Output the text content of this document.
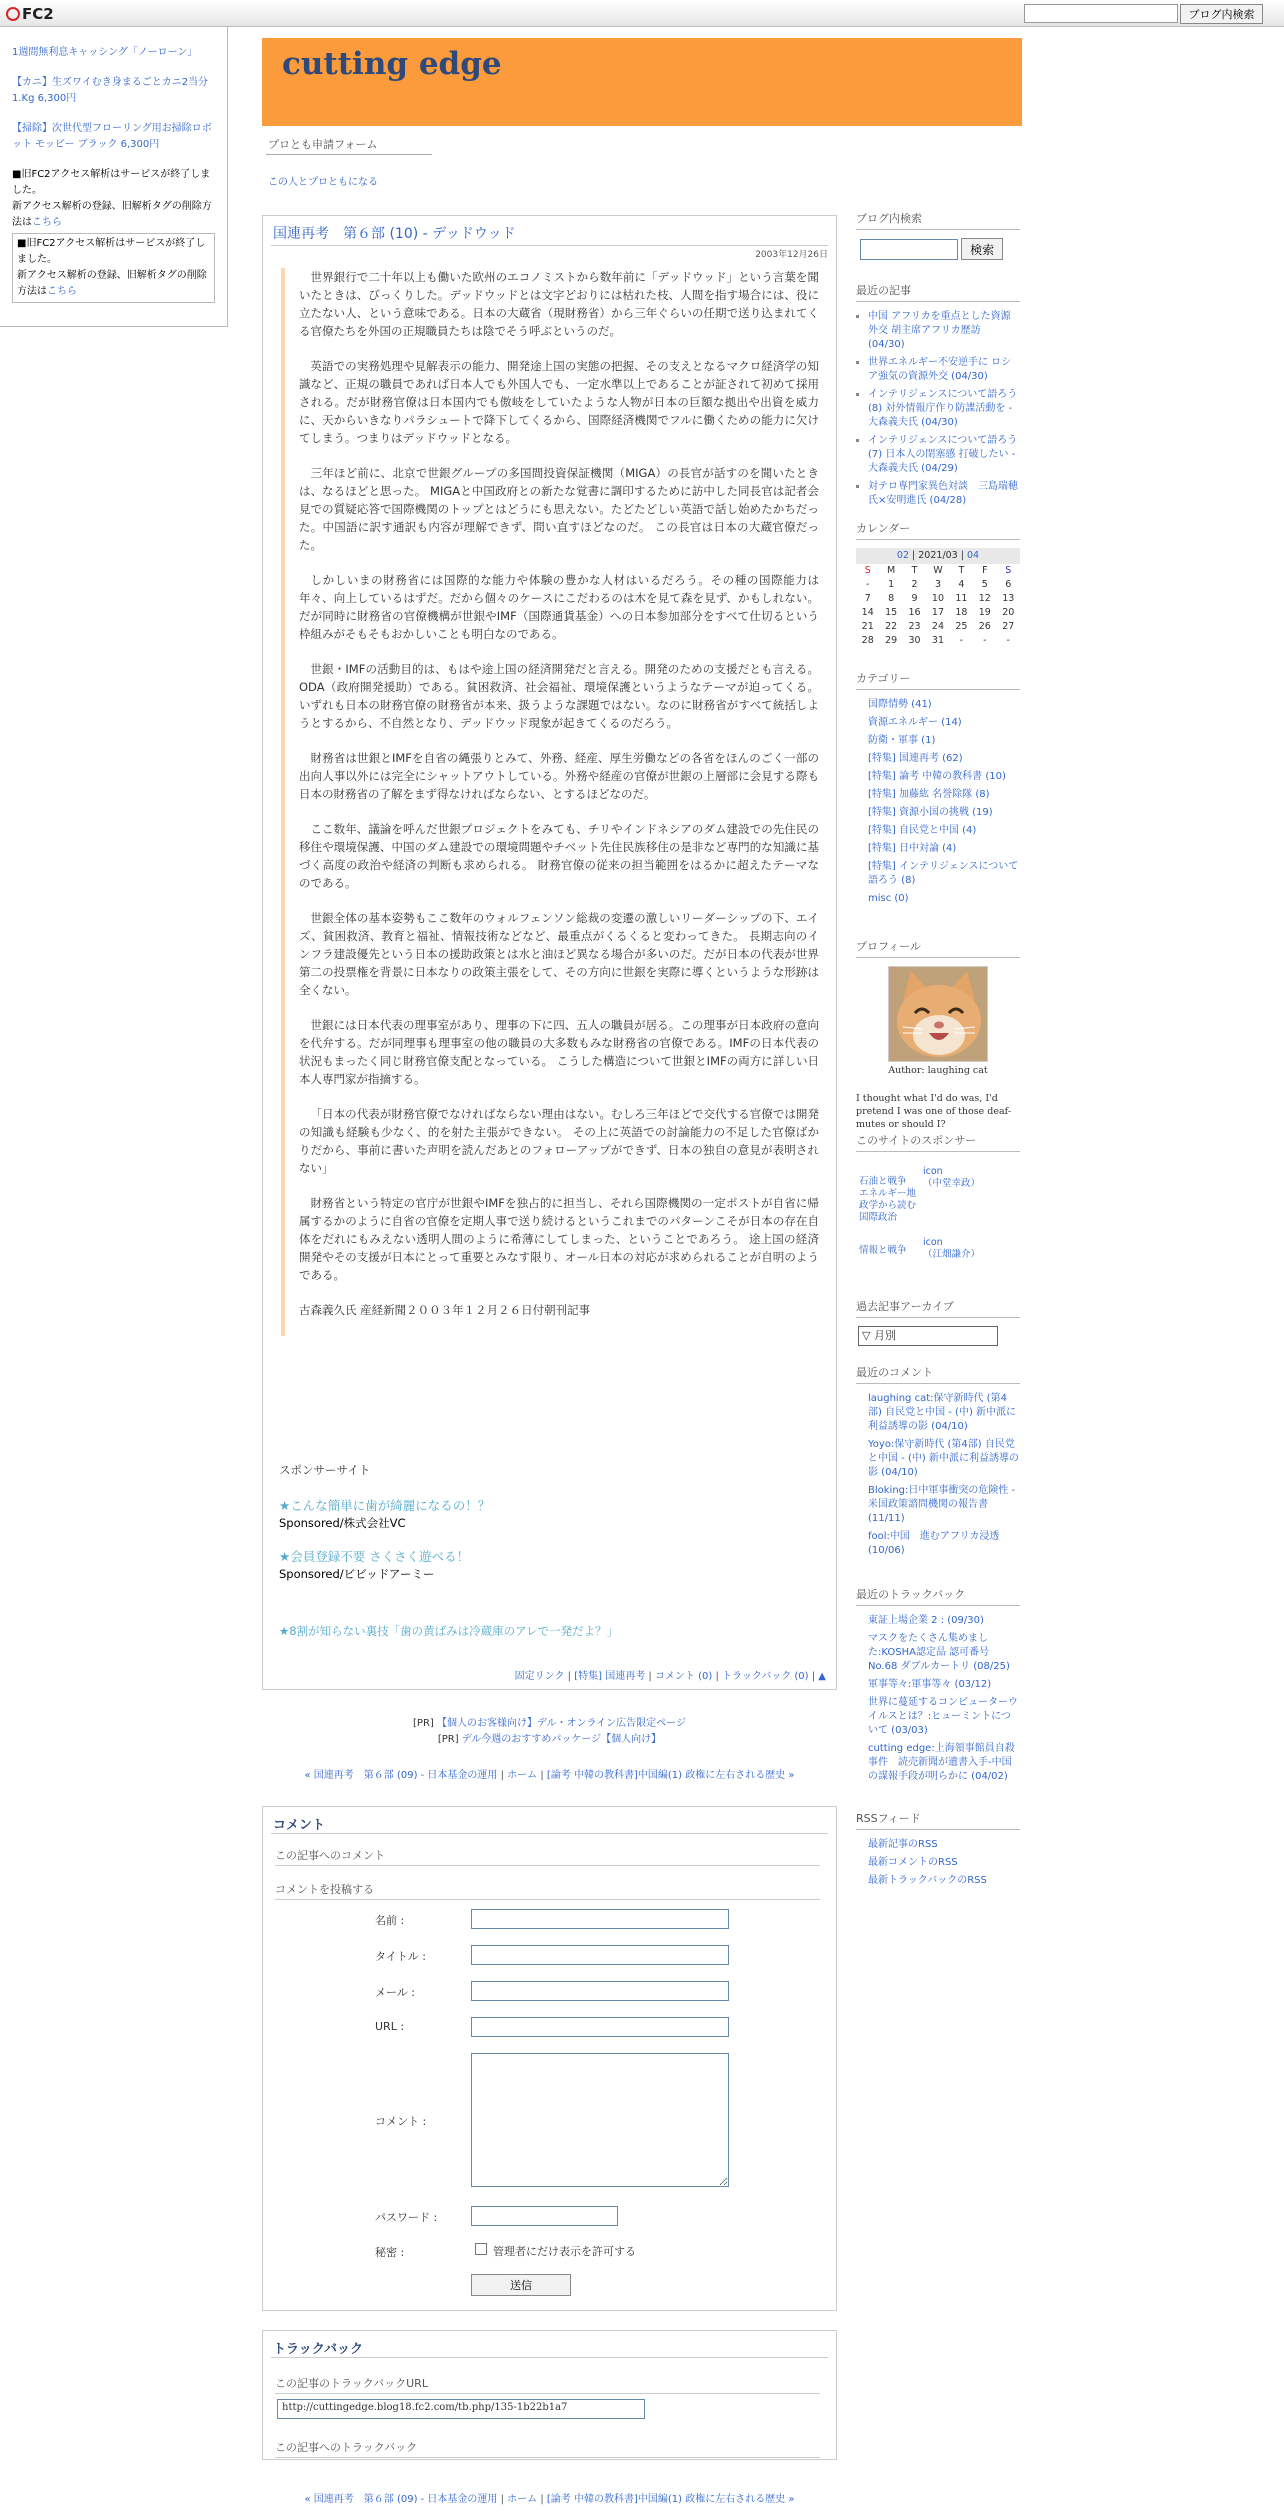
FC2	ブログ内検索

1週間無利息キャッシング「ノーローン」

【カニ】生ズワイむき身まるごとカニ2当分 1.Kg 6,300円

【掃除】次世代型フローリング用お掃除ロボット モッピー ブラック 6,300円

■旧FC2アクセス解析はサービスが終了しました。
新アクセス解析の登録、旧解析タグの削除方法はこちら
■旧FC2アクセス解析はサービスが終了しました。
新アクセス解析の登録、旧解析タグの削除方法はこちら
cutting edge
プロとも申請フォーム
この人とプロともになる
国連再考　第６部 (10) - デッドウッド
2003年12月26日

世界銀行で二十年以上も働いた欧州のエコノミストから数年前に「デッドウッド」という言葉を聞いたときは、びっくりした。デッドウッドとは文字どおりには枯れた枝、人間を指す場合には、役に立たない人、という意味である。日本の大蔵省（現財務省）から三年ぐらいの任期で送り込まれてくる官僚たちを外国の正規職員たちは陰でそう呼ぶというのだ。

英語での実務処理や見解表示の能力、開発途上国の実態の把握、その支えとなるマクロ経済学の知識など、正規の職員であれば日本人でも外国人でも、一定水準以上であることが証されて初めて採用される。だが財務官僚は日本国内でも傲岐をしていたような人物が日本の巨額な拠出や出資を威力に、天からいきなりパラシュートで降下してくるから、国際経済機関でフルに働くための能力に欠けてしまう。つまりはデッドウッドとなる。

三年ほど前に、北京で世銀グループの多国間投資保証機関（MIGA）の長官が話すのを聞いたときは、なるほどと思った。 MIGAと中国政府との新たな覚書に調印するために訪中した同長官は記者会見での質疑応答で国際機関のトップとはどうにも思えない。たどたどしい英語で話し始めたかちだった。中国語に訳す通訳も内容が理解できず、問い直すほどなのだ。 この長官は日本の大蔵官僚だった。

しかしいまの財務省には国際的な能力や体験の豊かな人材はいるだろう。その種の国際能力は年々、向上しているはずだ。だから個々のケースにこだわるのは木を見て森を見ず、かもしれない。だが同時に財務省の官僚機構が世銀やIMF（国際通貨基金）への日本参加部分をすべて仕切るという枠組みがそもそもおかしいことも明白なのである。

世銀・IMFの活動目的は、もはや途上国の経済開発だと言える。開発のための支援だとも言える。ODA（政府開発援助）である。貧困救済、社会福祉、環境保護というようなテーマが迫ってくる。 いずれも日本の財務官僚の財務省が本来、扱うような課題ではない。なのに財務省がすべて統括しようとするから、不自然となり、デッドウッド現象が起きてくるのだろう。

財務省は世銀とIMFを自省の縄張りとみて、外務、経産、厚生労働などの各省をほんのごく一部の出向人事以外には完全にシャットアウトしている。外務や経産の官僚が世銀の上層部に会見する際も日本の財務省の了解をまず得なければならない、とするほどなのだ。

ここ数年、議論を呼んだ世銀プロジェクトをみても、チリやインドネシアのダム建設での先住民の移住や環境保護、中国のダム建設での環境問題やチベット先住民族移住の是非など専門的な知識に基づく高度の政治や経済の判断も求められる。 財務官僚の従来の担当範囲をはるかに超えたテーマなのである。

世銀全体の基本姿勢もここ数年のウォルフェンソン総裁の変遷の激しいリーダーシップの下、エイズ、貧困救済、教育と福祉、情報技術などなど、最重点がくるくると変わってきた。 長期志向のインフラ建設優先という日本の援助政策とは水と油ほど異なる場合が多いのだ。だが日本の代表が世界第二の投票権を背景に日本なりの政策主張をして、その方向に世銀を実際に導くというような形跡は全くない。

世銀には日本代表の理事室があり、理事の下に四、五人の職員が居る。この理事が日本政府の意向を代弁する。だが同理事も理事室の他の職員の大多数もみな財務省の官僚である。IMFの日本代表の状況もまったく同じ財務官僚支配となっている。 こうした構造について世銀とIMFの両方に詳しい日本人専門家が指摘する。

「日本の代表が財務官僚でなければならない理由はない。むしろ三年ほどで交代する官僚では開発の知識も経験も少なく、的を射た主張ができない。 その上に英語での討論能力の不足した官僚ばかりだから、事前に書いた声明を読んだあとのフォローアップができず、日本の独自の意見が表明されない」

財務省という特定の官庁が世銀やIMFを独占的に担当し、それら国際機関の一定ポストが自省に帰属するかのように自省の官僚を定期人事で送り続けるというこれまでのパターンこそが日本の存在自体をだれにもみえない透明人間のように希薄にしてしまった、ということであろう。 途上国の経済開発やその支援が日本にとって重要とみなす限り、オール日本の対応が求められることが自明のようである。

古森義久氏 産経新聞２００３年１２月２６日付朝刊記事

スポンサーサイト
★こんな簡単に歯が綺麗になるの！？
Sponsored/株式会社VC
★会員登録不要 さくさく遊べる！
Sponsored/ビビッドアーミー
★8割が知らない裏技「歯の黄ばみは冷蔵庫のアレで一発だよ？」
固定リンク | [特集] 国連再考 | コメント (0) | トラックバック (0) | ▲
[PR] 【個人のお客様向け】デル・オンライン広告限定ページ
[PR] デル今週のおすすめパッケージ【個人向け】
« 国連再考　第６部 (09) - 日本基金の運用 | ホーム | [論考 中韓の教科書]中国編(1) 政権に左右される歴史 »
コメント
この記事へのコメント
コメントを投稿する
名前 :
タイトル :
メール :
URL :
コメント :
パスワード :
秘密 :	管理者にだけ表示を許可する
送信
トラックバック
この記事のトラックバックURL
http://cuttingedge.blog18.fc2.com/tb.php/135-1b22b1a7
この記事へのトラックバック
« 国連再考　第６部 (09) - 日本基金の運用 | ホーム | [論考 中韓の教科書]中国編(1) 政権に左右される歴史 »
ブログ内検索
検索
最近の記事
▪ 中国 アフリカを重点とした資源外交 胡主席アフリカ歴訪 (04/30)
▪ 世界エネルギー不安逆手に ロシア強気の資源外交 (04/30)
▪ インテリジェンスについて語ろう (8) 対外情報庁作り防諜活動を - 大森義夫氏 (04/30)
▪ インテリジェンスについて語ろう (7) 日本人の閉塞感 打破したい - 大森義夫氏 (04/29)
▪ 対テロ専門家異色対談　三島瑞穂氏×安明進氏 (04/28)
カレンダー
02 | 2021/03 | 04						
S	M	T	W	T	F	S
-	1	2	3	4	5	6
7	8	9	10	11	12	13
14	15	16	17	18	19	20
21	22	23	24	25	26	27
28	29	30	31	-	-	-
カテゴリー
国際情勢 (41)
資源エネルギー (14)
防衛・軍事 (1)
[特集] 国連再考 (62)
[特集] 論考 中韓の教科書 (10)
[特集] 加藤紘 名誉除隊 (8)
[特集] 資源小国の挑戦 (19)
[特集] 自民党と中国 (4)
[特集] 日中対論 (4)
[特集] インテリジェンスについて語ろう (8)
misc (0)
プロフィール
Author: laughing cat
I thought what I'd do was, I'd pretend I was one of those deaf-mutes or should I?
このサイトのスポンサー
石油と戦争　エネルギー地政学から読む国際政治	icon
（中堂幸政）
情報と戦争	icon
（江畑謙介）
過去記事アーカイブ
▽ 月別
最近のコメント
laughing cat:保守新時代 (第4部) 自民党と中国 - (中) 新中派に利益誘導の影 (04/10)
Yoyo:保守新時代 (第4部) 自民党と中国 - (中) 新中派に利益誘導の影 (04/10)
Bloking:日中軍事衝突の危険性 - 米国政策諮問機関の報告書 (11/11)
fool:中国　進むアフリカ浸透 (10/06)
最近のトラックバック
東証上場企業 2 : (09/30)
マスクをたくさん集めました:KOSHA認定品 認可番号 No.68 ダブルカートリ (08/25)
軍事等々:軍事等々 (03/12)
世界に蔓延するコンピューターウイルスとは？:ヒューミントについて (03/03)
cutting edge:上海領事館員自殺事件　読売新聞が遺書入手-中国の謀報手段が明らかに (04/02)
RSSフィード
最新記事のRSS
最新コメントのRSS
最新トラックバックのRSS
